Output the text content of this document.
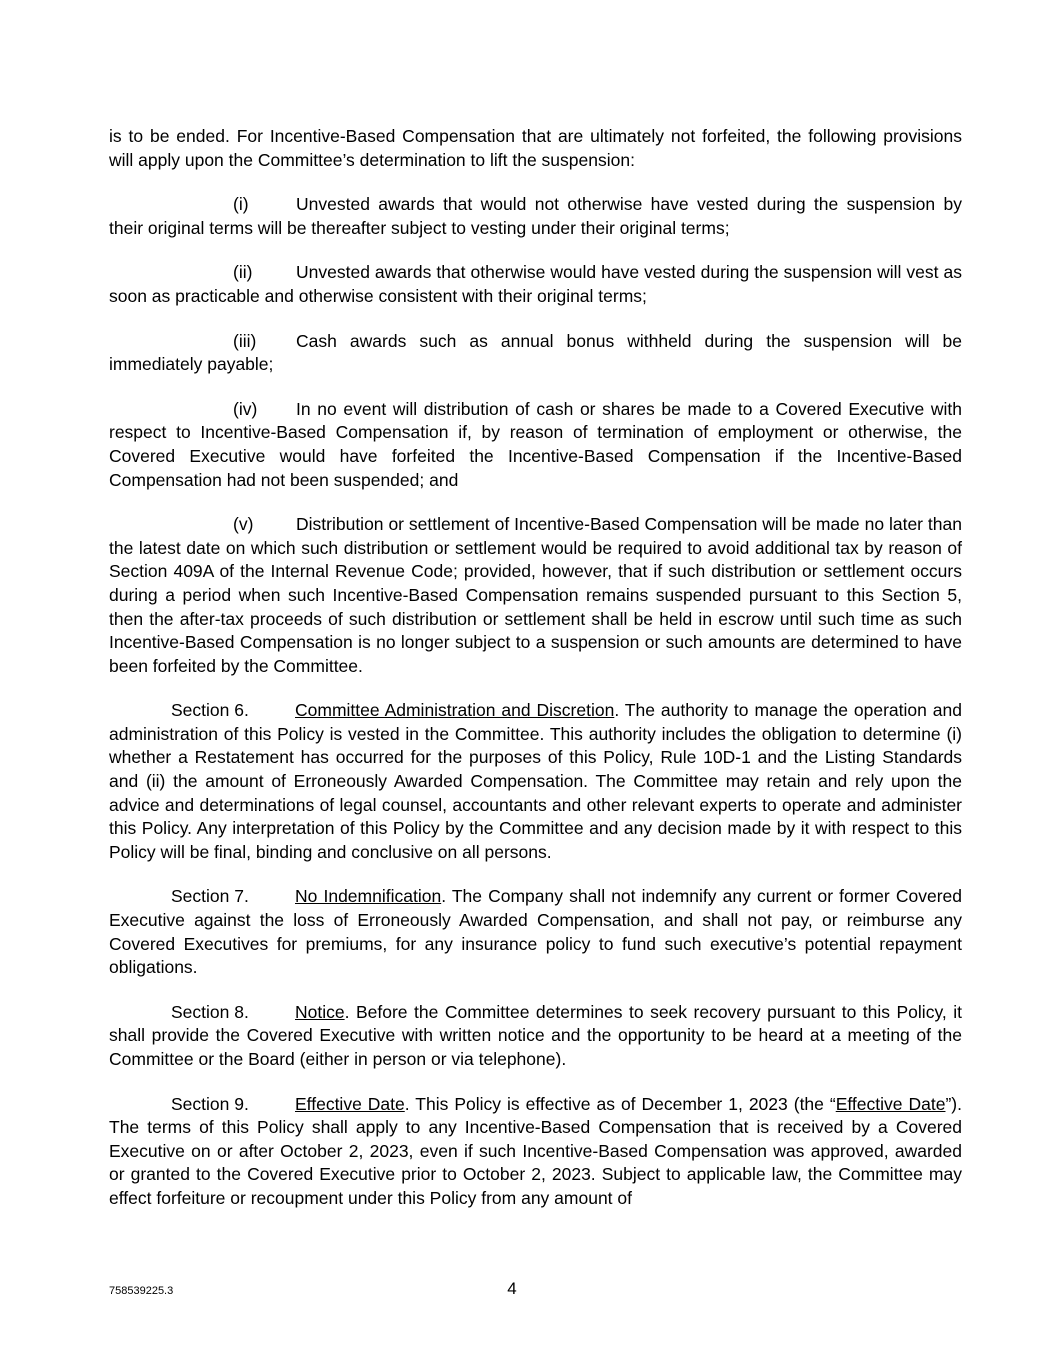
is to be ended. For Incentive-Based Compensation that are ultimately not forfeited, the following provisions will apply upon the Committee’s determination to lift the suspension:

(i)	Unvested awards that would not otherwise have vested during the suspension by their original terms will be thereafter subject to vesting under their original terms;

(ii) Unvested awards that otherwise would have vested during the suspension will vest as soon as practicable and otherwise consistent with their original terms;

(iii) Cash awards such as annual bonus withheld during the suspension will be immediately payable;

(iv) In no event will distribution of cash or shares be made to a Covered Executive with respect to Incentive-Based Compensation if, by reason of termination of employment or otherwise, the Covered Executive would have forfeited the Incentive-Based Compensation if the Incentive-Based Compensation had not been suspended; and

(v) Distribution or settlement of Incentive-Based Compensation will be made no later than the latest date on which such distribution or settlement would be required to avoid additional tax by reason of Section 409A of the Internal Revenue Code; provided, however, that if such distribution or settlement occurs during a period when such Incentive-Based Compensation remains suspended pursuant to this Section 5, then the after-tax proceeds of such distribution or settlement shall be held in escrow until such time as such Incentive-Based Compensation is no longer subject to a suspension or such amounts are determined to have been forfeited by the Committee.

Section 6.	Committee Administration and Discretion. The authority to manage the operation and administration of this Policy is vested in the Committee. This authority includes the obligation to determine (i) whether a Restatement has occurred for the purposes of this Policy, Rule 10D-1 and the Listing Standards and (ii) the amount of Erroneously Awarded Compensation. The Committee may retain and rely upon the advice and determinations of legal counsel, accountants and other relevant experts to operate and administer this Policy. Any interpretation of this Policy by the Committee and any decision made by it with respect to this Policy will be final, binding and conclusive on all persons.

Section 7.	No Indemnification. The Company shall not indemnify any current or former Covered Executive against the loss of Erroneously Awarded Compensation, and shall not pay, or reimburse any Covered Executives for premiums, for any insurance policy to fund such executive’s potential repayment obligations.

Section 8.	Notice. Before the Committee determines to seek recovery pursuant to this Policy, it shall provide the Covered Executive with written notice and the opportunity to be heard at a meeting of the Committee or the Board (either in person or via telephone).

Section 9.	Effective Date. This Policy is effective as of December 1, 2023 (the “Effective Date”). The terms of this Policy shall apply to any Incentive-Based Compensation that is received by a Covered Executive on or after October 2, 2023, even if such Incentive-Based Compensation was approved, awarded or granted to the Covered Executive prior to October 2, 2023. Subject to applicable law, the Committee may effect forfeiture or recoupment under this Policy from any amount of

758539225.3	4
